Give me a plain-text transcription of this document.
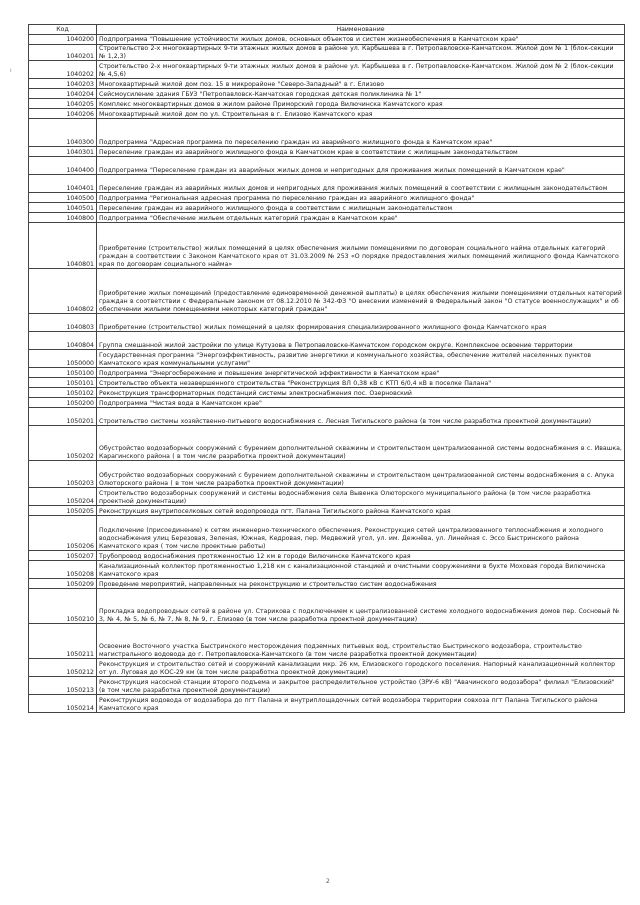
ı
Код	Наименование
1040200	Подпрограмма "Повышение устойчивости жилых домов, основных объектов и систем жизнеобеспечения в Камчатском крае"
1040201	Строительство 2-х многоквартирных 9-ти этажных жилых домов в районе ул. Карбышева в г. Петропавловске-Камчатском. Жилой дом № 1 (блок-секции № 1,2,3)
1040202	Строительство 2-х многоквартирных 9-ти этажных жилых домов в районе ул. Карбышева в г. Петропавловске-Камчатском. Жилой дом № 2 (блок-секции № 4,5,6)
1040203	Многоквартирный жилой дом поз. 15 в микрорайоне "Северо-Западный" в г. Елизово
1040204	Сейсмоусиление здания ГБУЗ "Петропавловск-Камчатская городская детская поликлиника № 1"
1040205	Комплекс многоквартирных домов в жилом районе Приморский города Вилючинска Камчатского края
1040206	Многоквартирный жилой дом по ул. Строительная в г. Елизово Камчатского края
1040300	Подпрограмма "Адресная программа по переселению граждан из аварийного жилищного фонда в Камчатском крае"
1040301	Переселение граждан из аварийного жилищного фонда в Камчатском крае в соответствии с жилищным законодательством
1040400	Подпрограмма "Переселение граждан из аварийных жилых домов и непригодных для проживания жилых помещений в Камчатском крае"
1040401	Переселение граждан из аварийных жилых домов и непригодных для проживания жилых помещений в соответствии с жилищным законодательством
1040500	Подпрограмма "Региональная адресная программа по переселению граждан из аварийного жилищного фонда"
1040501	Переселение граждан из аварийного жилищного фонда в соответствии с жилищным законодательством
1040800	Подпрограмма "Обеспечение жильем отдельных категорий граждан в Камчатском крае"
1040801	Приобретение (строительство) жилых помещений в целях обеспечения жилыми помещениями по договорам социального найма отдельных категорий граждан в соответствии с Законом Камчатского края от 31.03.2009 № 253 «О порядке предоставления жилых помещений жилищного фонда Камчатского края по договорам социального найма»
1040802	Приобретение жилых помещений (предоставление единовременной денежной выплаты) в целях обеспечения жилыми помещениями отдельных категорий граждан в соответствии с Федеральным законом от 08.12.2010 № 342-ФЗ "О внесении изменений в Федеральный закон "О статусе военнослужащих" и об обеспечении жилыми помещениями некоторых категорий граждан"
1040803	Приобретение (строительство) жилых помещений в целях формирования специализированного жилищного фонда Камчатского края
1040804	Группа смешанной жилой застройки по улице Кутузова в Петропавловске-Камчатском городском округе. Комплексное освоение территории
1050000	Государственная программа "Энергоэффективность, развитие энергетики и коммунального хозяйства, обеспечение жителей населенных пунктов Камчатского края коммунальными услугами"
1050100	Подпрограмма "Энергосбережение и повышение энергетической эффективности в Камчатском крае"
1050101	Строительство объекта незавершенного строительства "Реконструкция ВЛ 0,38 кВ с КТП 6/0,4 кВ в поселке Палана"
1050102	Реконструкция трансформаторных подстанций системы электроснабжения пос. Озерновский
1050200	Подпрограмма "Чистая вода в Камчатском крае"
1050201	Строительство системы хозяйственно-питьевого водоснабжения с. Лесная Тигильского района (в том числе разработка проектной документации)
1050202	Обустройство водозаборных сооружений с бурением дополнительной скважины и строительством централизованной системы водоснабжения в с. Ивашка, Карагинского района ( в том числе разработка проектной документации)
1050203	Обустройство водозаборных сооружений с бурением дополнительной скважины и строительством централизованной системы водоснабжения в с. Апука Олюторского района ( в том числе разработка проектной документации)
1050204	Строительство водозаборных сооружений и системы водоснабжения села Вывенка Олюторского муниципального района (в том числе разработка проектной документации)
1050205	Реконструкция внутрипоселковых сетей водопровода пгт. Палана Тигильского района Камчатского края
1050206	Подключение (присоединение) к сетям инженерно-технического обеспечения. Реконструкция сетей централизованного теплоснабжения и холодного водоснабжения улиц Березовая, Зеленая, Южная, Кедровая, пер. Медвежий угол, ул. им. Дежнёва, ул. Линейная с. Эссо Быстринского района Камчатского края ( том числе проектные работы)
1050207	Трубопровод водоснабжения протяженностью 12 км в городе Вилючинске Камчатского края
1050208	Канализационный коллектор протяженностью 1,218 км с канализационной станцией и очистными сооружениями в бухте Моховая города Вилючинска Камчатского края
1050209	Проведение мероприятий, направленных на реконструкцию и строительство систем водоснабжения
1050210	Прокладка водопроводных сетей в районе ул. Старикова с подключением к централизованной системе холодного водоснабжения домов пер. Сосновый № 3, № 4, № 5, № 6, № 7, № 8, № 9, г. Елизово (в том числе разработка проектной документации)
1050211	Освоение Восточного участка Быстринского месторождения подземных питьевых вод, строительство Быстринского водозабора, строительство магистрального водовода до г. Петропавловска-Камчатского (в том числе разработка проектной документации)
1050212	Реконструкция и строительство сетей и сооружений канализации мкр. 26 км, Елизовского городского поселения. Напорный канализационный коллектор от ул. Луговая до КОС-29 км (в том числе разработка проектной документации)
1050213	Реконструкция насосной станции второго подъема и закрытое распределительное устройство (ЗРУ-6 кВ) "Авачинского водозабора" филиал "Елизовский" (в том числе разработка проектной документации)
1050214	Реконструкция водовода от водозабора до пгт Палана и внутриплощадочных сетей водозабора территории совхоза пгт Палана Тигильского района Камчатского края
2
